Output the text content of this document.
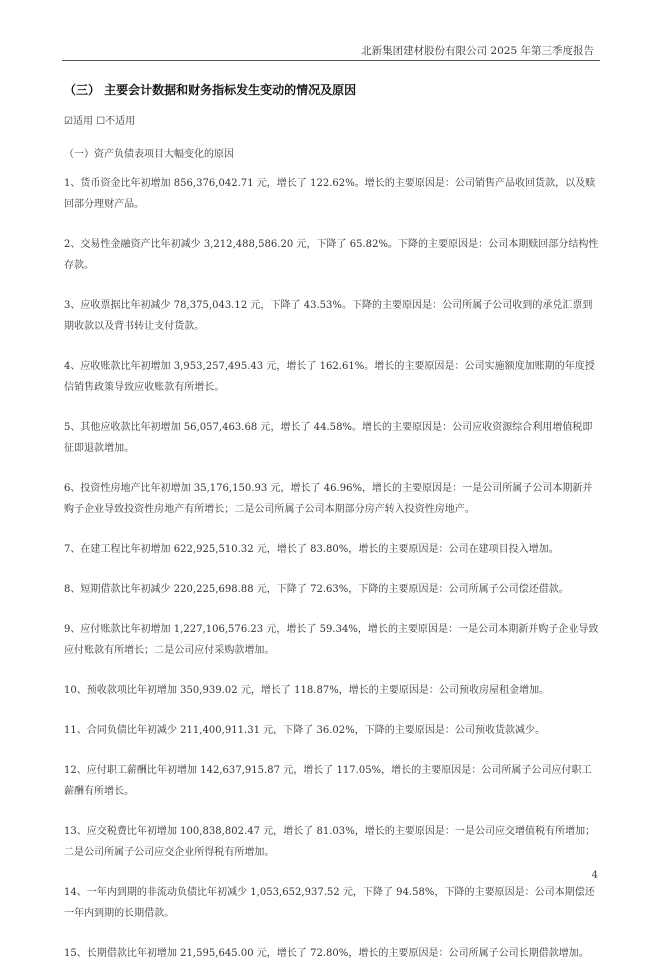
北新集团建材股份有限公司 2025 年第三季度报告
（三） 主要会计数据和财务指标发生变动的情况及原因
☑适用 ☐不适用
（一）资产负债表项目大幅变化的原因

1、货币资金比年初增加 856,376,042.71 元，增长了 122.62%。增长的主要原因是：公司销售产品收回货款，以及赎回部分理财产品。

2、交易性金融资产比年初减少 3,212,488,586.20 元，下降了 65.82%。下降的主要原因是：公司本期赎回部分结构性存款。

3、应收票据比年初减少 78,375,043.12 元，下降了 43.53%。下降的主要原因是：公司所属子公司收到的承兑汇票到期收款以及背书转让支付货款。

4、应收账款比年初增加 3,953,257,495.43 元，增长了 162.61%。增长的主要原因是：公司实施额度加账期的年度授信销售政策导致应收账款有所增长。

5、其他应收款比年初增加 56,057,463.68 元，增长了 44.58%。增长的主要原因是：公司应收资源综合利用增值税即征即退款增加。

6、投资性房地产比年初增加 35,176,150.93 元，增长了 46.96%，增长的主要原因是：一是公司所属子公司本期新并购子企业导致投资性房地产有所增长；二是公司所属子公司本期部分房产转入投资性房地产。

7、在建工程比年初增加 622,925,510.32 元，增长了 83.80%，增长的主要原因是：公司在建项目投入增加。

8、短期借款比年初减少 220,225,698.88 元，下降了 72.63%，下降的主要原因是：公司所属子公司偿还借款。

9、应付账款比年初增加 1,227,106,576.23 元，增长了 59.34%，增长的主要原因是：一是公司本期新并购子企业导致应付账款有所增长；二是公司应付采购款增加。

10、预收款项比年初增加 350,939.02 元，增长了 118.87%，增长的主要原因是：公司预收房屋租金增加。

11、合同负债比年初减少 211,400,911.31 元，下降了 36.02%，下降的主要原因是：公司预收货款减少。

12、应付职工薪酬比年初增加 142,637,915.87 元，增长了 117.05%，增长的主要原因是：公司所属子公司应付职工薪酬有所增长。

13、应交税费比年初增加 100,838,802.47 元，增长了 81.03%，增长的主要原因是：一是公司应交增值税有所增加；二是公司所属子公司应交企业所得税有所增加。

14、一年内到期的非流动负债比年初减少 1,053,652,937.52 元，下降了 94.58%，下降的主要原因是：公司本期偿还一年内到期的长期借款。

15、长期借款比年初增加 21,595,645.00 元，增长了 72.80%，增长的主要原因是：公司所属子公司长期借款增加。

4
